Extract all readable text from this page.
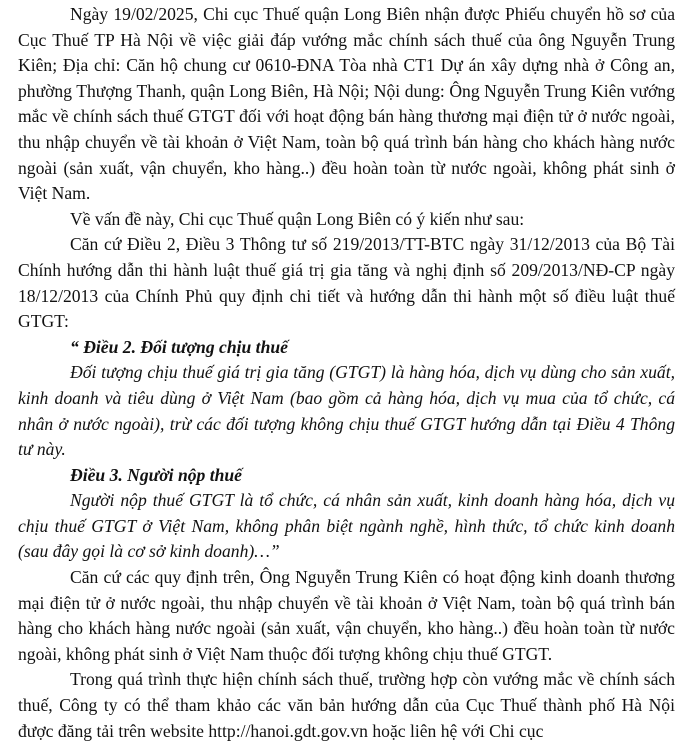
Ngày 19/02/2025, Chi cục Thuế quận Long Biên nhận được Phiếu chuyển hồ sơ của Cục Thuế TP Hà Nội về việc giải đáp vướng mắc chính sách thuế của ông Nguyễn Trung Kiên; Địa chỉ: Căn hộ chung cư 0610-ĐNA Tòa nhà CT1 Dự án xây dựng nhà ở Công an, phường Thượng Thanh, quận Long Biên, Hà Nội; Nội dung: Ông Nguyễn Trung Kiên vướng mắc về chính sách thuế GTGT đối với hoạt động bán hàng thương mại điện tử ở nước ngoài, thu nhập chuyển về tài khoản ở Việt Nam, toàn bộ quá trình bán hàng cho khách hàng nước ngoài (sản xuất, vận chuyển, kho hàng..) đều hoàn toàn từ nước ngoài, không phát sinh ở Việt Nam.

Về vấn đề này, Chi cục Thuế quận Long Biên có ý kiến như sau:

Căn cứ Điều 2, Điều 3 Thông tư số 219/2013/TT-BTC ngày 31/12/2013 của Bộ Tài Chính hướng dẫn thi hành luật thuế giá trị gia tăng và nghị định số 209/2013/NĐ-CP ngày 18/12/2013 của Chính Phủ quy định chi tiết và hướng dẫn thi hành một số điều luật thuế GTGT:

“ Điều 2. Đối tượng chịu thuế

Đối tượng chịu thuế giá trị gia tăng (GTGT) là hàng hóa, dịch vụ dùng cho sản xuất, kinh doanh và tiêu dùng ở Việt Nam (bao gồm cả hàng hóa, dịch vụ mua của tổ chức, cá nhân ở nước ngoài), trừ các đối tượng không chịu thuế GTGT hướng dẫn tại Điều 4 Thông tư này.

Điều 3. Người nộp thuế

Người nộp thuế GTGT là tổ chức, cá nhân sản xuất, kinh doanh hàng hóa, dịch vụ chịu thuế GTGT ở Việt Nam, không phân biệt ngành nghề, hình thức, tổ chức kinh doanh (sau đây gọi là cơ sở kinh doanh)…”

Căn cứ các quy định trên, Ông Nguyễn Trung Kiên có hoạt động kinh doanh thương mại điện tử ở nước ngoài, thu nhập chuyển về tài khoản ở Việt Nam, toàn bộ quá trình bán hàng cho khách hàng nước ngoài (sản xuất, vận chuyển, kho hàng..) đều hoàn toàn từ nước ngoài, không phát sinh ở Việt Nam thuộc đối tượng không chịu thuế GTGT.

Trong quá trình thực hiện chính sách thuế, trường hợp còn vướng mắc về chính sách thuế, Công ty có thể tham khảo các văn bản hướng dẫn của Cục Thuế thành phố Hà Nội được đăng tải trên website http://hanoi.gdt.gov.vn hoặc liên hệ với Chi cục
